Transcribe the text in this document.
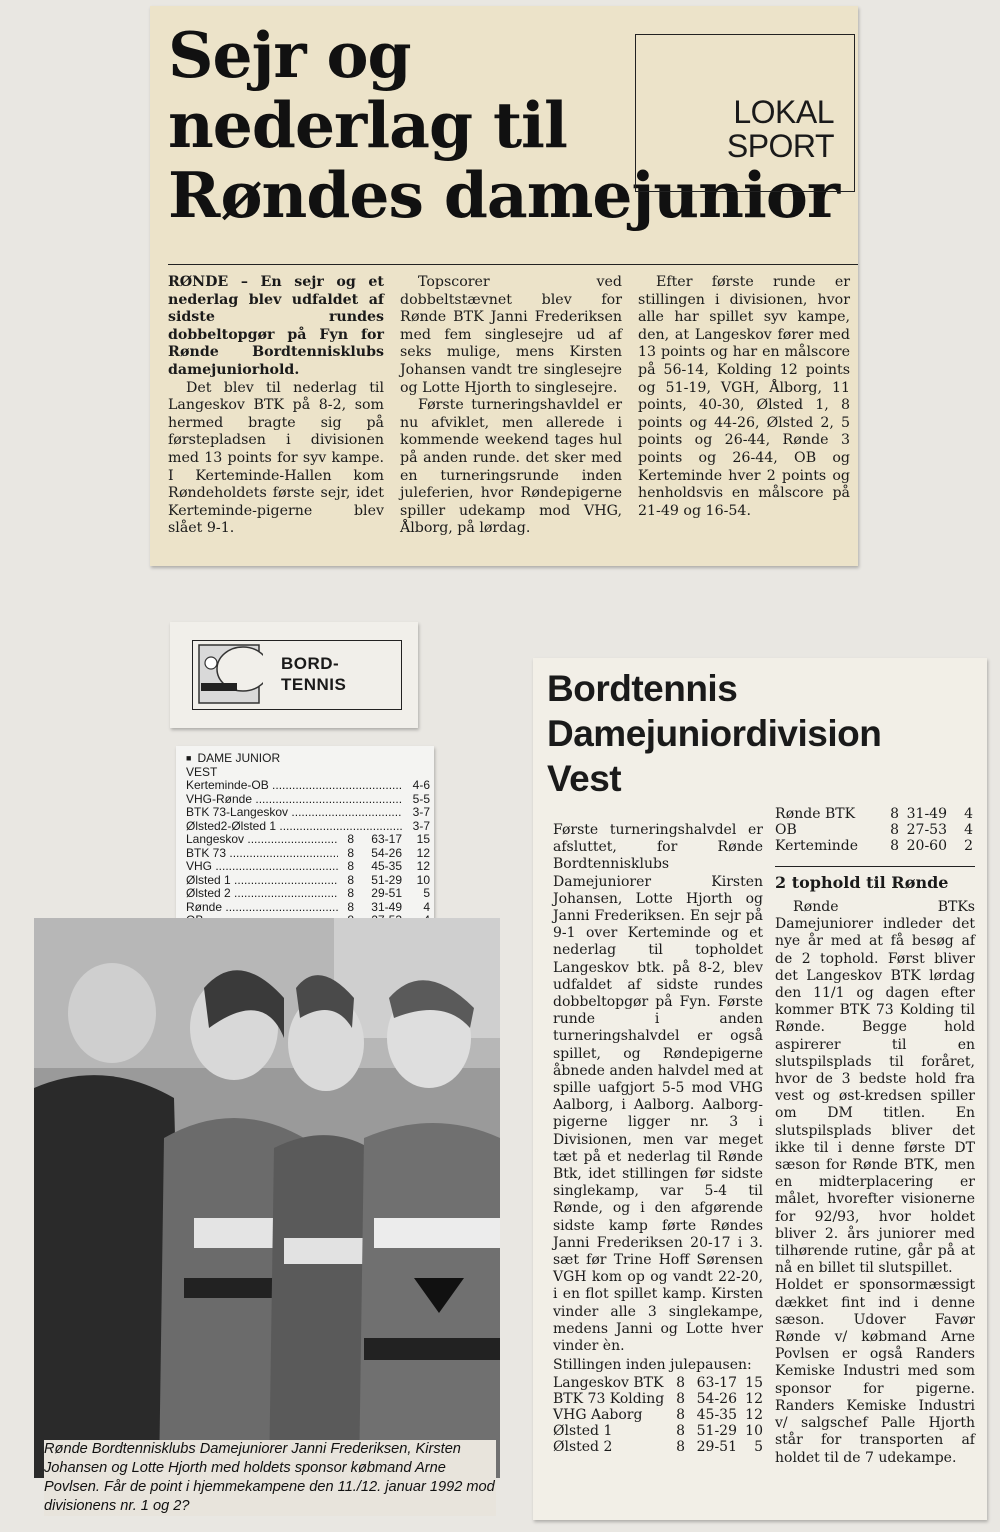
Sejr og
nederlag til
Røndes damejunior
LOKAL
SPORT

RØNDE – En sejr og et nederlag blev udfaldet af sidste rundes dobbeltopgør på Fyn for Rønde Bordtennisklubs damejuniorhold.

Det blev til nederlag til Langeskov BTK på 8-2, som hermed bragte sig på førstepladsen i divisionen med 13 points for syv kampe. I Kerteminde-Hallen kom Røndeholdets første sejr, idet Kerteminde-pigerne blev slået 9-1.

Topscorer ved dobbeltstævnet blev for Rønde BTK Janni Frederiksen med fem singlesejre ud af seks mulige, mens Kirsten Johansen vandt tre singlesejre og Lotte Hjorth to singlesejre.

Første turneringshavldel er nu afviklet, men allerede i kommende weekend tages hul på anden runde. det sker med en turneringsrunde inden juleferien, hvor Røndepigerne spiller udekamp mod VHG, Ålborg, på lørdag.

Efter første runde er stillingen i divisionen, hvor alle har spillet syv kampe, den, at Langeskov fører med 13 points og har en målscore på 56-14, Kolding 12 points og 51-19, VGH, Ålborg, 11 points, 40-30, Ølsted 1, 8 points og 44-26, Ølsted 2, 5 points og 26-44, Rønde 3 points og 26-44, OB og Kerteminde hver 2 points og henholdsvis en målscore på 21-49 og 16-54.

BORD-
TENNIS
■ DAME JUNIOR
VEST
Kerteminde-OB .....	4-6
VHG-Rønde .....	5-5
BTK 73-Langeskov .....	3-7
Ølsted2-Ølsted 1 .....	3-7
Langeskov .....	8	63-17	15
BTK 73 .....	8	54-26	12
VHG .....	8	45-35	12
Ølsted 1 .....	8	51-29	10
Ølsted 2 .....	8	29-51	5
Rønde .....	8	31-49	4
.....
.....
Rønde Bordtennisklubs Damejuniorer Janni Frederiksen, Kirsten Johansen og Lotte Hjorth med holdets sponsor købmand Arne Povlsen. Får de point i hjemmekampene den 11./12. januar 1992 mod divisionens nr. 1 og 2?
Bordtennis
Damejuniordivision
Vest

Første turneringshalvdel er afsluttet, for Rønde Bordtennisklubs Damejuniorer Kirsten Johansen, Lotte Hjorth og Janni Frederiksen. En sejr på 9-1 over Kerteminde og et nederlag til topholdet Langeskov btk. på 8-2, blev udfaldet af sidste rundes dobbeltopgør på Fyn. Første runde i anden turneringshalvdel er også spillet, og Røndepigerne åbnede anden halvdel med at spille uafgjort 5-5 mod VHG Aalborg, i Aalborg. Aalborg-pigerne ligger nr. 3 i Divisionen, men var meget tæt på et nederlag til Rønde Btk, idet stillingen før sidste singlekamp, var 5-4 til Rønde, og i den afgørende sidste kamp førte Røndes Janni Frederiksen 20-17 i 3. sæt før Trine Hoff Sørensen VGH kom op og vandt 22-20, i en flot spillet kamp. Kirsten vinder alle 3 singlekampe, medens Janni og Lotte hver vinder èn.

Stillingen inden julepausen:

Langeskov BTK 8 63-17 15
BTK 73 Kolding 8 54-26 12
VHG Aaborg	8 45-35 12
Ølsted 1	8 51-29 10
Ølsted 2	8 29-51	5
Rønde BTK	8 31-49	4
OB	8 27-53	4
Kerteminde	8 20-60	2
2 tophold til Rønde

Rønde BTKs Damejuniorer indleder det nye år med at få besøg af de 2 tophold. Først bliver det Langeskov BTK lørdag den 11/1 og dagen efter kommer BTK 73 Kolding til Rønde. Begge hold aspirerer til en slutspilsplads til foråret, hvor de 3 bedste hold fra vest og øst-kredsen spiller om DM titlen. En slutspilsplads bliver det ikke til i denne første DT sæson for Rønde BTK, men en midterplacering er målet, hvorefter visionerne for 92/93, hvor holdet bliver 2. års juniorer med tilhørende rutine, går på at nå en billet til slutspillet.

Holdet er sponsormæssigt dækket fint ind i denne sæson. Udover Favør Rønde v/ købmand Arne Povlsen er også Randers Kemiske Industri med som sponsor for pigerne. Randers Kemiske Industri v/ salgschef Palle Hjorth står for transporten af holdet til de 7 udekampe.
